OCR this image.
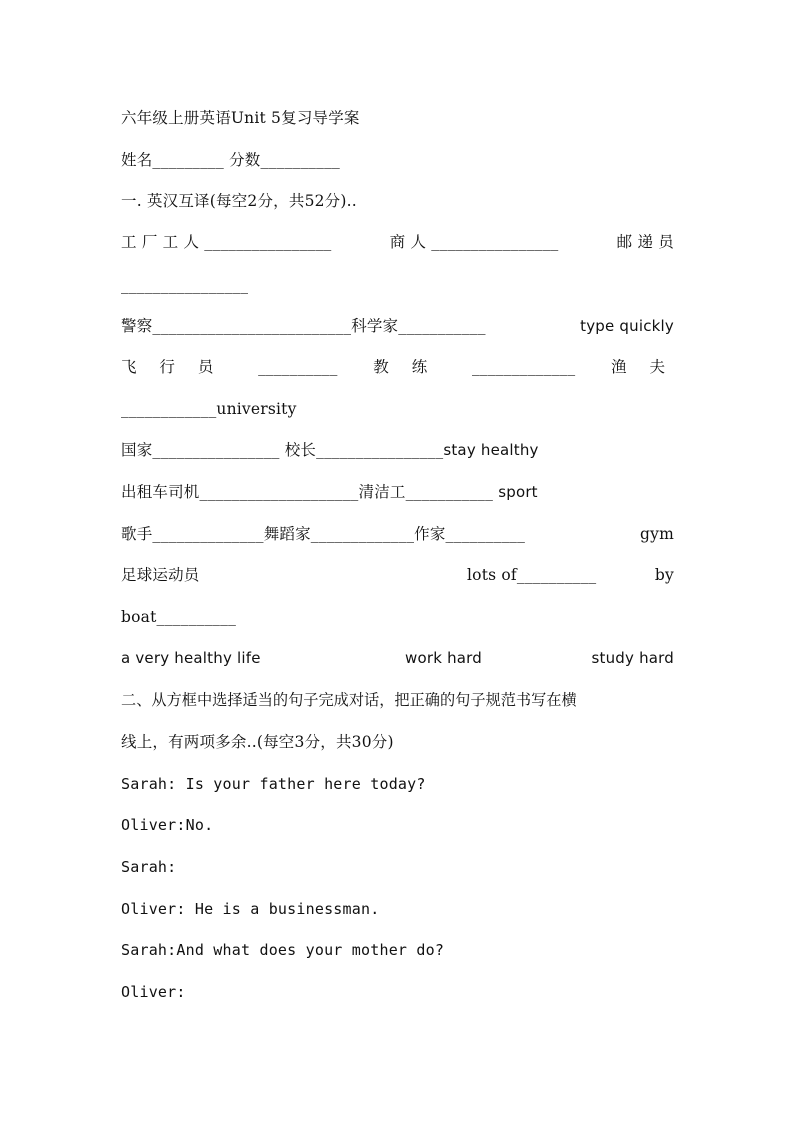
六年级上册英语Unit 5复习导学案
姓名_________ 分数__________
一. 英汉互译(每空2分，共52分)..
工 厂 工 人 ________________	商 人 ________________	邮 递 员
________________
警察_________________________科学家___________	type quickly
飞 行 员 __________ 教 练 _____________ 渔 夫
____________university
国家________________ 校长________________stay healthy
出租车司机____________________清洁工___________ sport
歌手______________舞蹈家_____________作家__________	gym
足球运动员	lots of__________	by
boat__________
a very healthy life	work hard	study hard
二、从方框中选择适当的句子完成对话，把正确的句子规范书写在横
线上，有两项多余..(每空3分，共30分)
Sarah: Is your father here today?
Oliver:No.
Sarah:
Oliver: He is a businessman.
Sarah:And what does your mother do?
Oliver:
